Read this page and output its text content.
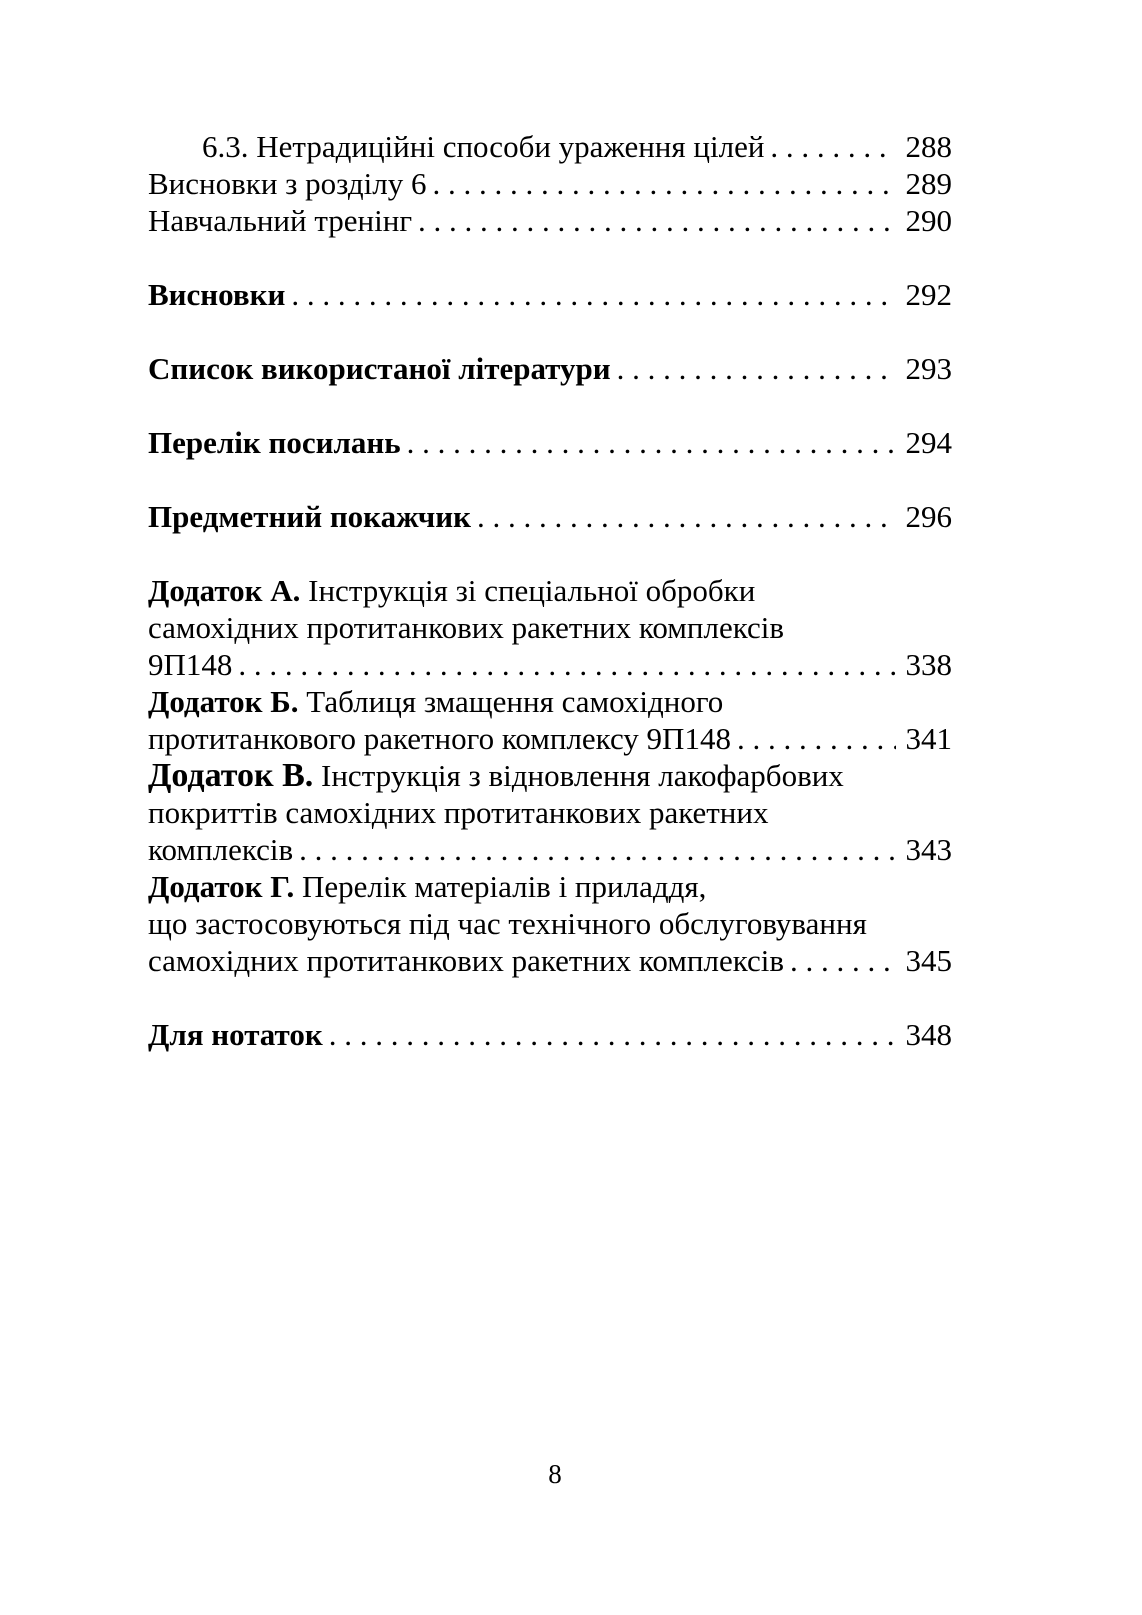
6.3. Нетрадиційні способи ураження цілей . . .	288
Висновки з розділу 6 . . .	289
Навчальний тренінг . . .	290
Висновки . . .	292
Список використаної літератури . . .	293
Перелік посилань . . .	294
Предметний покажчик . . .	296
Додаток А. Інструкція зі спеціальної обробки
самохідних протитанкових ракетних комплексів
9П148 . . .	338
Додаток Б. Таблиця змащення самохідного
протитанкового ракетного комплексу 9П148 . . .	341
Додаток В. Інструкція з відновлення лакофарбових
покриттів самохідних протитанкових ракетних
комплексів . . .	343
Додаток Г. Перелік матеріалів і приладдя,
що застосовуються під час технічного обслуговування
самохідних протитанкових ракетних комплексів . . .	345
Для нотаток . . .	348
8
